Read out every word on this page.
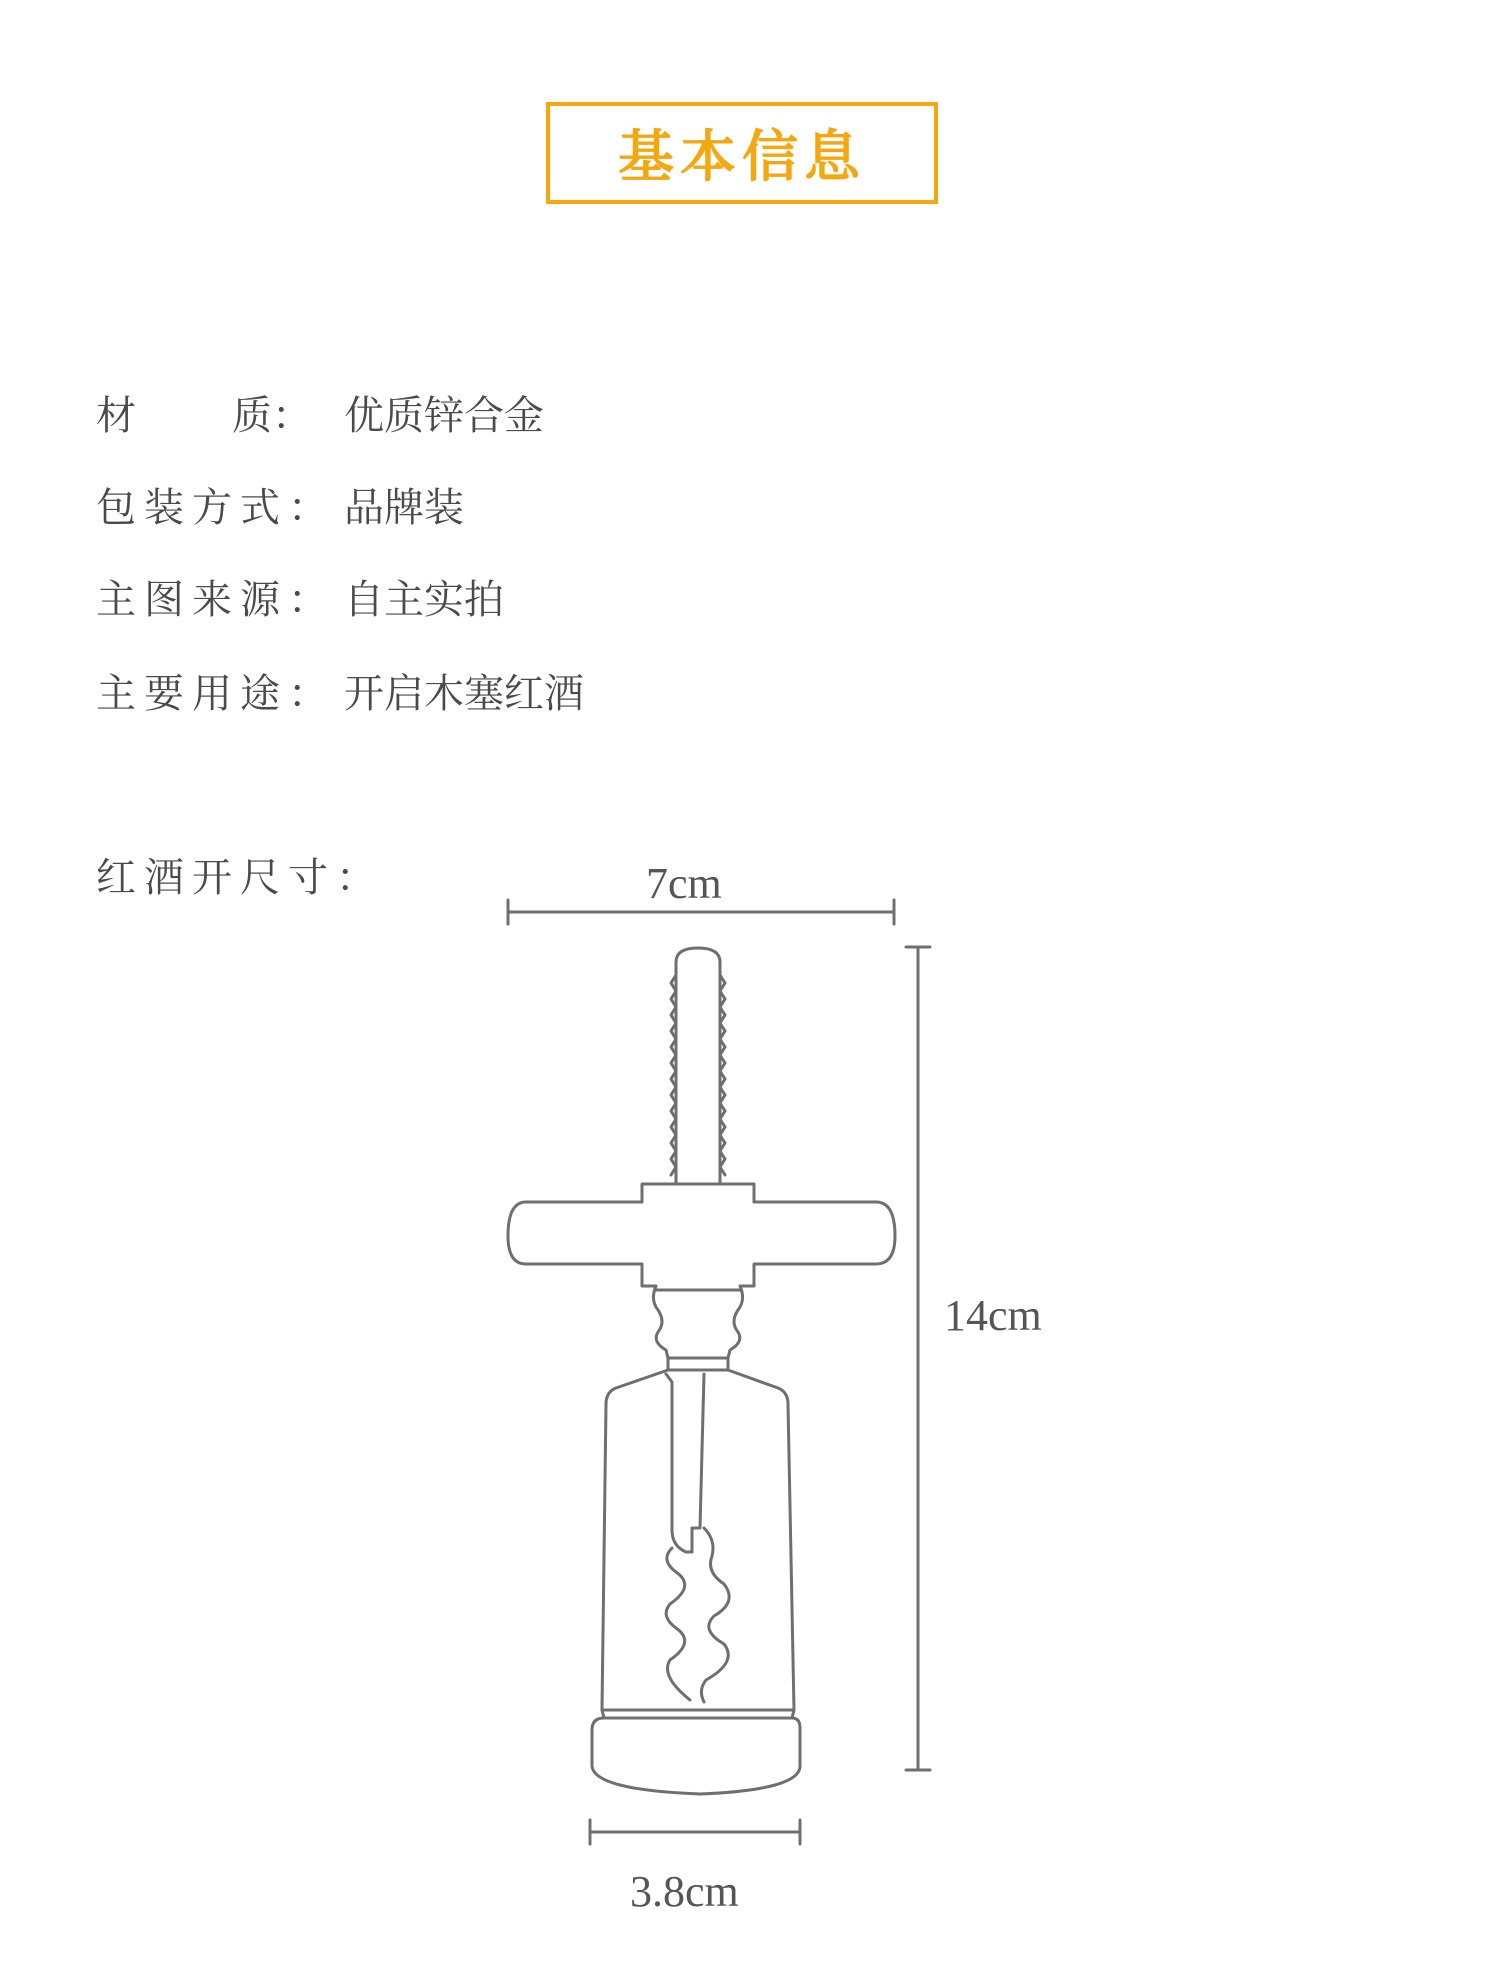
基本信息
材 质： 优质锌合金
包装方式： 品牌装
主图来源： 自主实拍
主要用途： 开启木塞红酒
红酒开尺寸：	7cm
14cm
3.8cm
